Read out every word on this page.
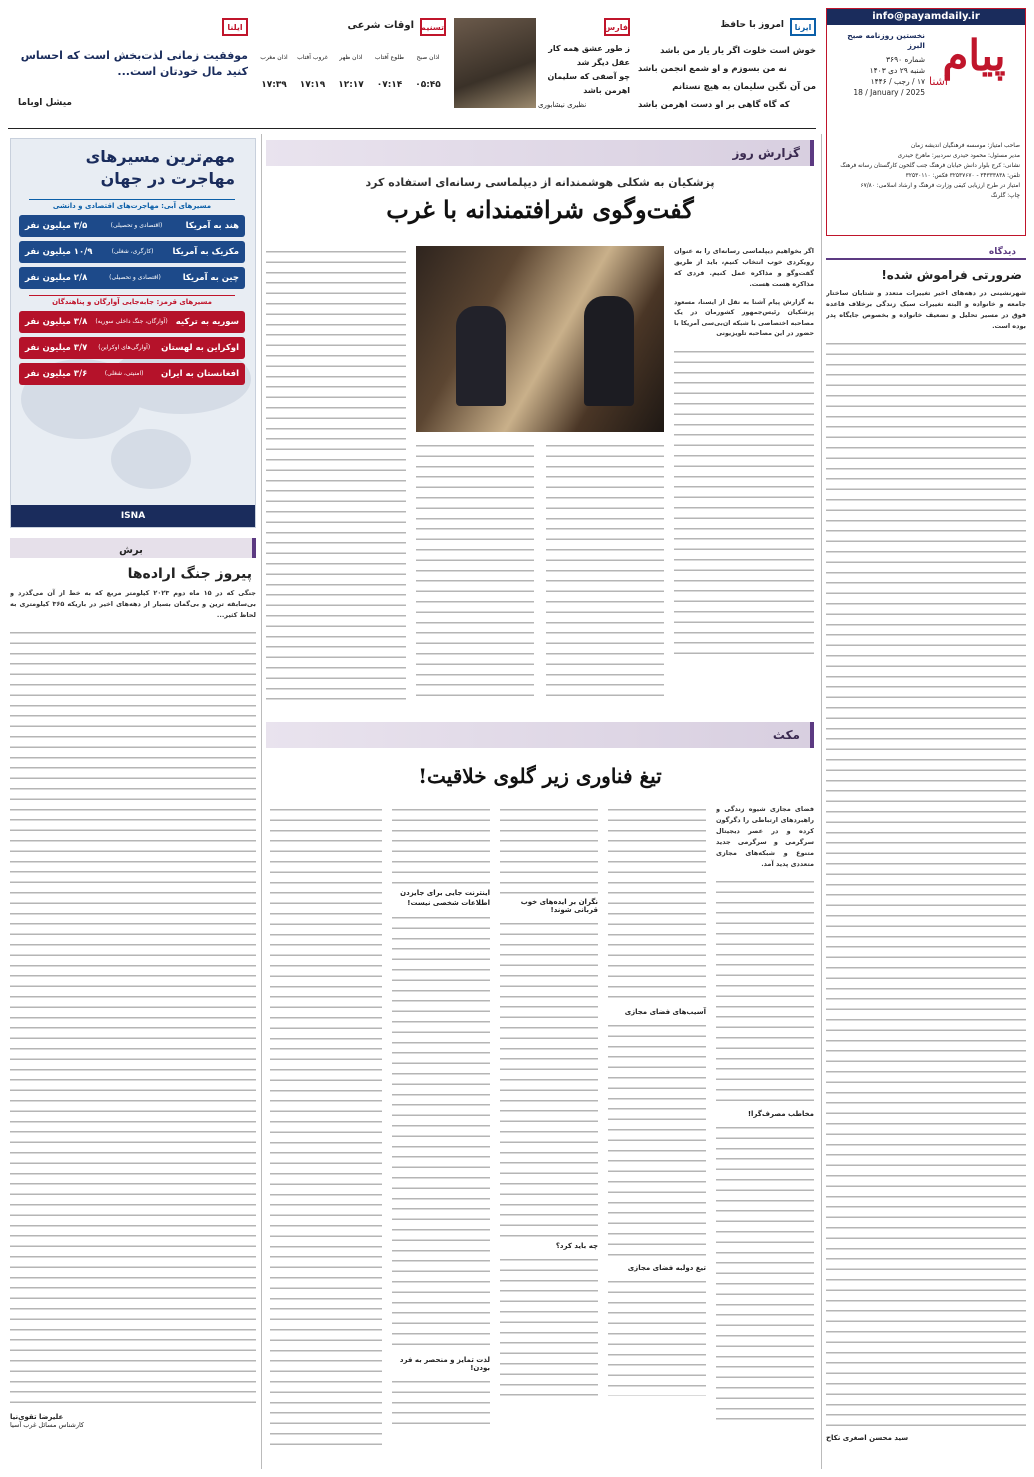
info@payamdaily.ir
پیام
آشنا
نخستین روزنامه صبح البرز
شماره ۳۶۹۰
شنبه ۲۹ دی ۱۴۰۳
۱۷ / رجب / ۱۴۴۶
18 / January / 2025
صاحب امتیاز: موسسه فرهنگیان اندیشه زمان
مدیر مسئول: محمود حیدری سردبیر: ماهرخ حیدری
نشانی: کرج بلوار دانش خیابان فرهنگ جنب گلخون کارگستان رسانه فرهنگ
تلفن: ۳۴۳۳۳۸۳۸ - ۳۲۵۳۷۶۷۰ فکس: ۳۲۵۳۰۱۱۰
امتیاز در طرح ارزیابی کیفی وزارت فرهنگ و ارشاد اسلامی: ۶۷/۸۰
چاپ: گلرنگ
ایرنا
امروز با حافظ
خوش است خلوت اگر یار یار من باشد
نه من بسوزم و او شمع انجمن باشد
من آن نگین سلیمان به هیچ نستانم
که گاه گاهی بر او دست اهرمن باشد
فارس
ز طور عشق همه کار عقل دیگر شد
چو آصفی که سلیمان اهرمن باشد
نظیری نیشابوری
تسنیم
اوقات شرعی
اذان صبح
طلوع آفتاب
اذان ظهر
غروب آفتاب
اذان مغرب
۰۵:۴۵
۰۷:۱۴
۱۲:۱۷
۱۷:۱۹
۱۷:۳۹
ایلنا
موفقیت زمانی لذت‌بخش است که احساس کنید مال خودتان است...
میشل اوباما
دیدگاه
ضرورتی فراموش شده!
شهرنشینی در دهه‌های اخیر تغییرات متعدد و شتابان ساختار جامعه و خانواده و البته تغییرات سبک زندگی برخلاف قاعده فوق در مسیر تحلیل و تضعیف خانواده و بخصوص جایگاه پدر بوده است.
سید محسن اصغری نکاح
گزارش روز
پزشکیان به شکلی هوشمندانه از دیپلماسی رسانه‌ای استفاده کرد
گفت‌وگوی شرافتمندانه با غرب
اگر بخواهیم دیپلماسی رسانه‌ای را به عنوان رویکردی خوب انتخاب کنیم، باید از طریق گفت‌وگو و مذاکره عمل کنیم. فردی که مذاکره هست هست.
به گزارش پیام آشنا به نقل از ایسنا، مسعود پزشکیان رئیس‌جمهور کشورمان در یک مصاحبه اختصاصی با شبکه ان‌بی‌سی آمریکا با حضور در این مصاحبه تلویزیونی
مکث
تیغ فناوری زیر گلوی خلاقیت!
فضای مجازی شیوه زندگی و راهبردهای ارتباطی را دگرگون کرده و در عصر دیجیتال سرگرمی و سرگرمی جدید متنوع و شبکه‌های مجازی متعددی پدید آمد.
مخاطب مصرف‌گرا!
آسیب‌های فضای مجازی
تیغ دولبه فضای مجازی
نگران بر ایده‌های خوب قربانی شوند!
چه باید کرد؟
اینترنت جایی برای جایزدن اطلاعات شخصی نیست!
لذت تمایز و منحصر به فرد بودن!
مهم‌ترین مسیرهای
مهاجرت در جهان
مسیرهای آبی: مهاجرت‌های اقتصادی و دانشی
هند به آمریکا
(اقتصادی و تحصیلی)
۳/۵ میلیون نفر
مکزیک به آمریکا
(کارگری، شغلی)
۱۰/۹ میلیون نفر
چین به آمریکا
(اقتصادی و تحصیلی)
۲/۸ میلیون نفر
مسیرهای قرمز: جابه‌جایی آوارگان و پناهندگان
سوریه به ترکیه
(آوارگان، جنگ داخلی سوریه)
۳/۸ میلیون نفر
اوکراین به لهستان
(آوارگی‌های اوکراین)
۳/۷ میلیون نفر
افغانستان به ایران
(امنیتی، شغلی)
۳/۶ میلیون نفر
ISNA
برش
پیروز جنگ اراده‌ها
جنگی که در ۱۵ ماه دوم ۲۰۲۳ کیلومتر مربع که به خط از آن می‌گذرد و بی‌سابقه ترین و بی‌گمان بسیار از دهه‌های اخیر در باریکه ۳۶۵ کیلومتری به لحاظ کثیر...
علیرضا تقوی‌نیا
کارشناس مسائل غرب آسیا
